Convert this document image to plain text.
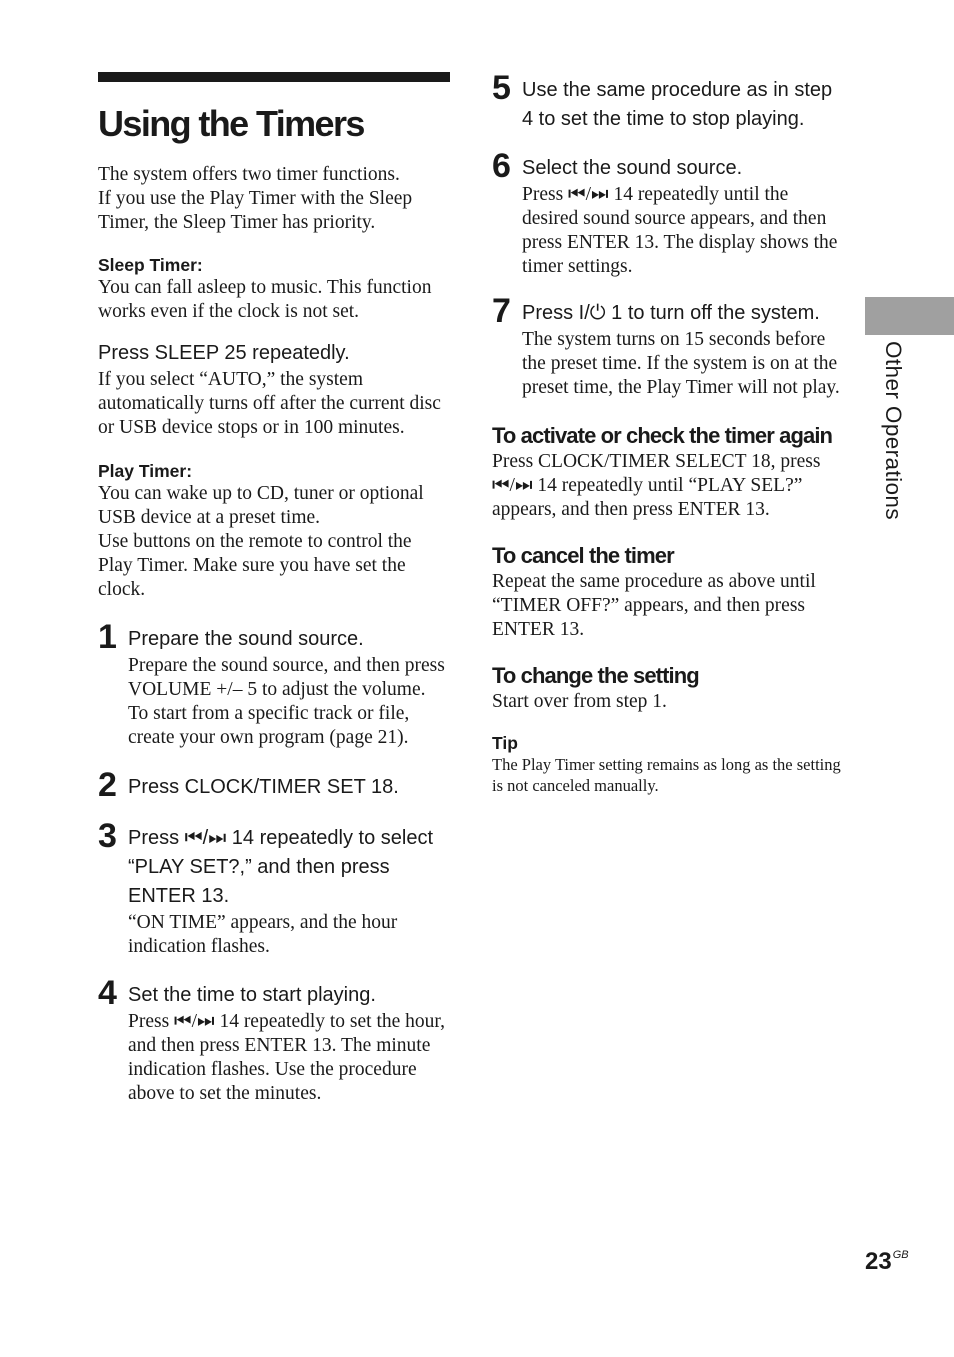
Using the Timers

The system offers two timer functions.

If you use the Play Timer with the Sleep Timer, the Sleep Timer has priority.

Sleep Timer:

You can fall asleep to music. This function works even if the clock is not set.

Press SLEEP 25 repeatedly.

If you select “AUTO,” the system automatically turns off after the current disc or USB device stops or in 100 minutes.

Play Timer:

You can wake up to CD, tuner or optional USB device at a preset time.

Use buttons on the remote to control the Play Timer. Make sure you have set the clock.

1 Prepare the sound source.

Prepare the sound source, and then press VOLUME +/– 5 to adjust the volume.

To start from a specific track or file, create your own program (page 21).

2 Press CLOCK/TIMER SET 18.

3 Press ⏮/⏭ 14 repeatedly to select “PLAY SET?,” and then press ENTER 13.

“ON TIME” appears, and the hour indication flashes.

4 Set the time to start playing.

Press ⏮/⏭ 14 repeatedly to set the hour, and then press ENTER 13. The minute indication flashes. Use the procedure above to set the minutes.

5 Use the same procedure as in step 4 to set the time to stop playing.

6 Select the sound source.

Press ⏮/⏭ 14 repeatedly until the desired sound source appears, and then press ENTER 13. The display shows the timer settings.

7 Press I/⏻ 1 to turn off the system.

The system turns on 15 seconds before the preset time. If the system is on at the preset time, the Play Timer will not play.

To activate or check the timer again

Press CLOCK/TIMER SELECT 18, press ⏮/⏭ 14 repeatedly until “PLAY SEL?” appears, and then press ENTER 13.

To cancel the timer

Repeat the same procedure as above until “TIMER OFF?” appears, and then press ENTER 13.

To change the setting

Start over from step 1.

Tip

The Play Timer setting remains as long as the setting is not canceled manually.

Other Operations
$23^{GB}$
